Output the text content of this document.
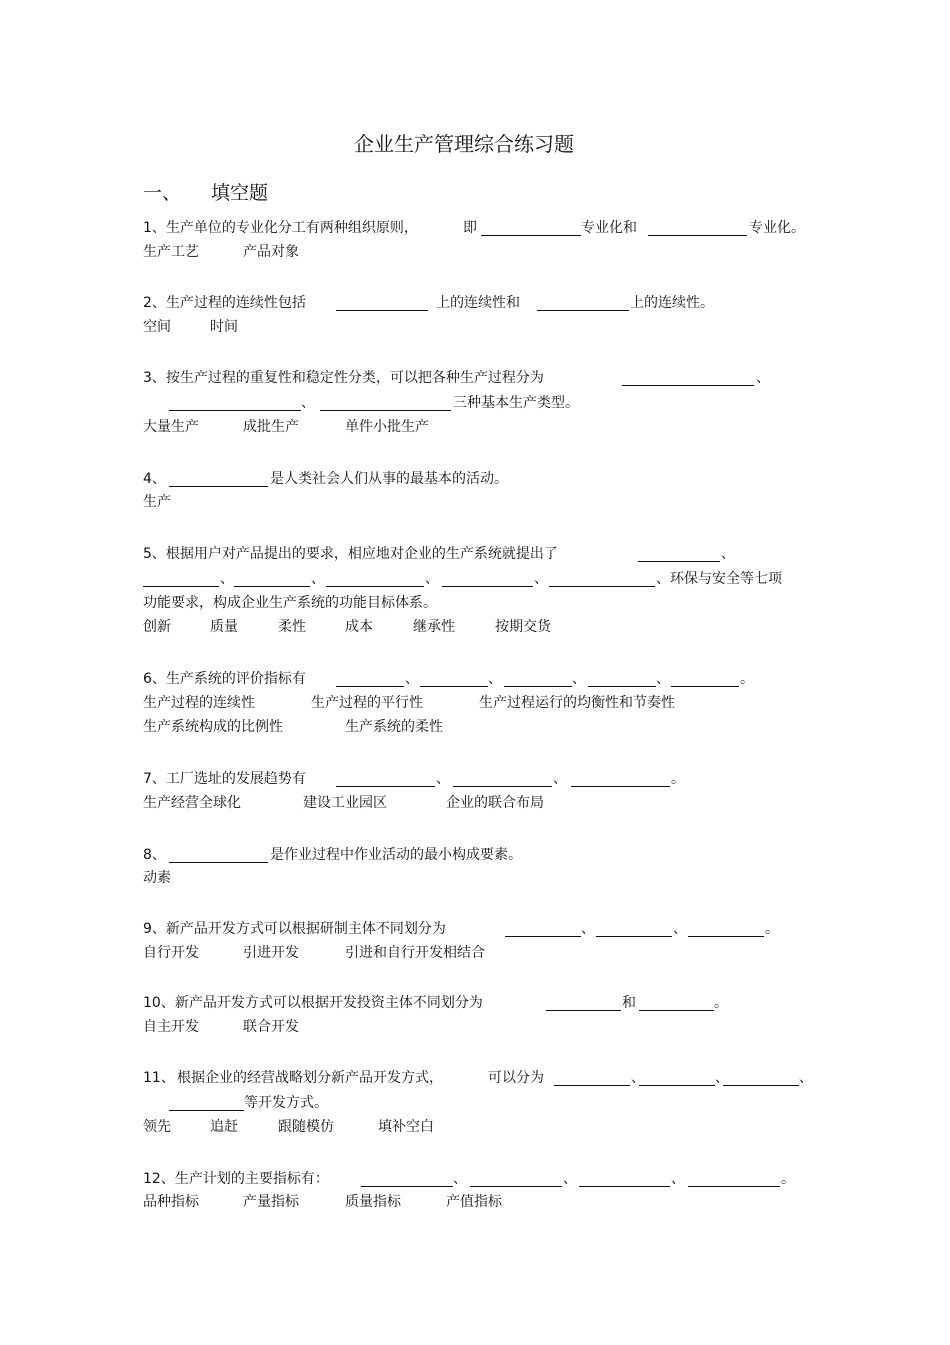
企业生产管理综合练习题
一、 填空题
1、生产单位的专业化分工有两种组织原则，	即	专业化和	专业化。
生产工艺	产品对象
2、生产过程的连续性包括	上的连续性和	上的连续性。
空间	时间
3、按生产过程的重复性和稳定性分类，可以把各种生产过程分为	、
、	三种基本生产类型。
大量生产	成批生产	单件小批生产
4、	是人类社会人们从事的最基本的活动。
生产
5、根据用户对产品提出的要求，相应地对企业的生产系统就提出了	、
、	、	、	、	、环保与安全等七项
功能要求，构成企业生产系统的功能目标体系。
创新	质量	柔性	成本	继承性	按期交货
6、生产系统的评价指标有	、	、	、	、	。
生产过程的连续性	生产过程的平行性	生产过程运行的均衡性和节奏性
生产系统构成的比例性	生产系统的柔性
7、工厂选址的发展趋势有	、	、	。
生产经营全球化	建设工业园区	企业的联合布局
8、	是作业过程中作业活动的最小构成要素。
动素
9、新产品开发方式可以根据研制主体不同划分为	、	、	。
自行开发	引进开发	引进和自行开发相结合
10、新产品开发方式可以根据开发投资主体不同划分为	和	。
自主开发	联合开发
11、 根据企业的经营战略划分新产品开发方式，	可以分为	、	、	、
等开发方式。
领先	追赶	跟随模仿	填补空白
12、生产计划的主要指标有：	、	、	、	。
品种指标	产量指标	质量指标	产值指标
